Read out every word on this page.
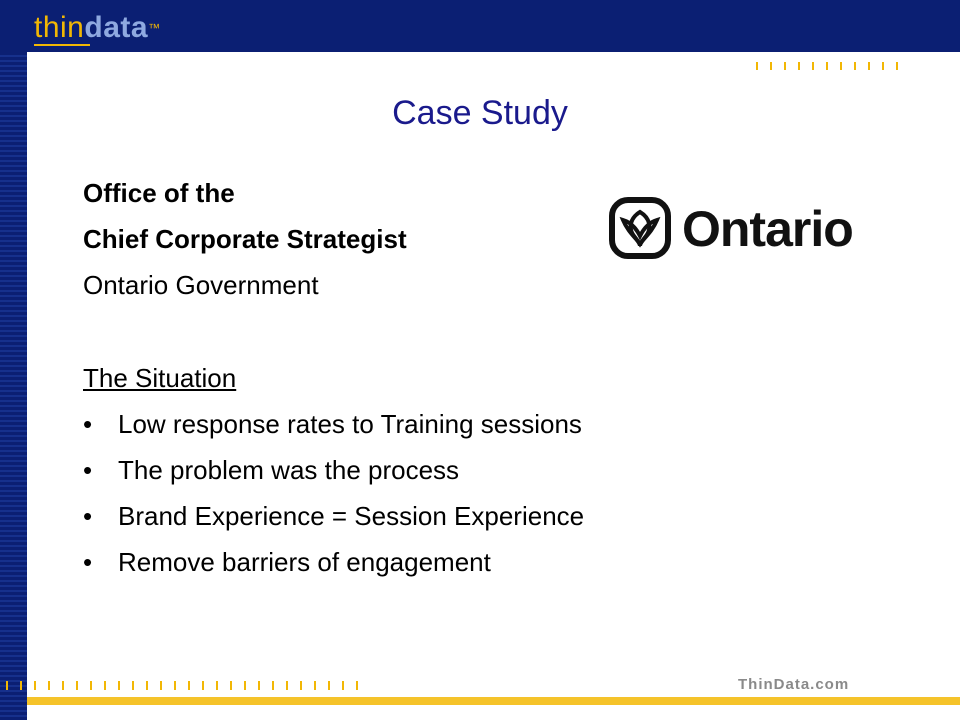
thindata™
ThinData.com
Case Study
Office of the
Chief Corporate Strategist
Ontario Government
The Situation
• Low response rates to Training sessions
• The problem was the process
• Brand Experience = Session Experience
• Remove barriers of engagement
Ontario
